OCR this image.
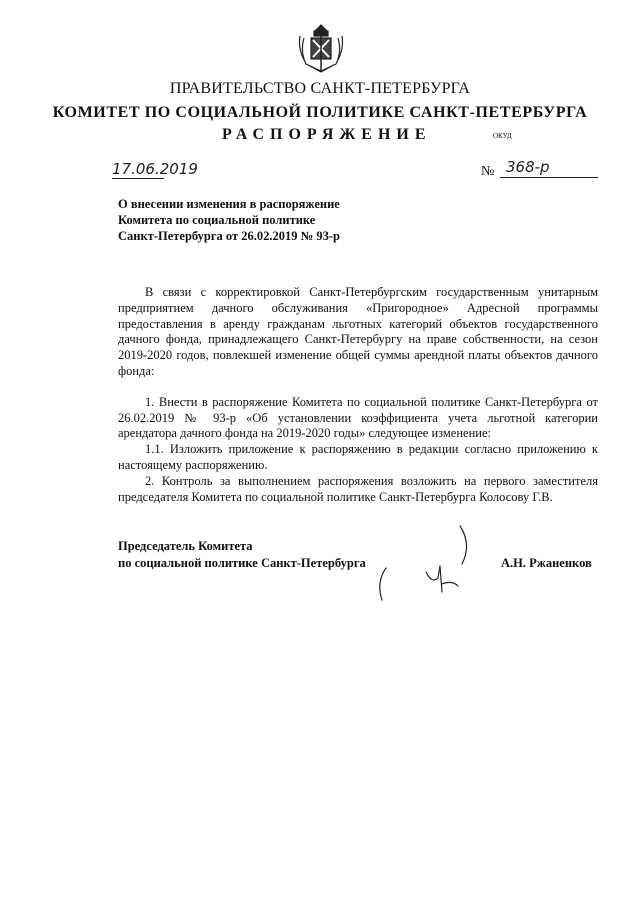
ПРАВИТЕЛЬСТВО САНКТ-ПЕТЕРБУРГА
КОМИТЕТ ПО СОЦИАЛЬНОЙ ПОЛИТИКЕ САНКТ-ПЕТЕРБУРГА
РАСПОРЯЖЕНИЕ	ОКУД
17.06.2019	№ 368-р
О внесении изменения в распоряжение
Комитета по социальной политике
Санкт-Петербурга от 26.02.2019 № 93-р

В связи с корректировкой Санкт-Петербургским государственным унитарным предприятием дачного обслуживания «Пригородное» Адресной программы предоставления в аренду гражданам льготных категорий объектов государственного дачного фонда, принадлежащего Санкт-Петербургу на праве собственности, на сезон 2019-2020 годов, повлекшей изменение общей суммы арендной платы объектов дачного фонда:

1. Внести в распоряжение Комитета по социальной политике Санкт-Петербурга от 26.02.2019 № 93-р «Об установлении коэффициента учета льготной категории арендатора дачного фонда на 2019-2020 годы» следующее изменение:

1.1. Изложить приложение к распоряжению в редакции согласно приложению к настоящему распоряжению.

2. Контроль за выполнением распоряжения возложить на первого заместителя председателя Комитета по социальной политике Санкт-Петербурга Колосову Г.В.

Председатель Комитета
по социальной политике Санкт-Петербурга	А.Н. Ржаненков
